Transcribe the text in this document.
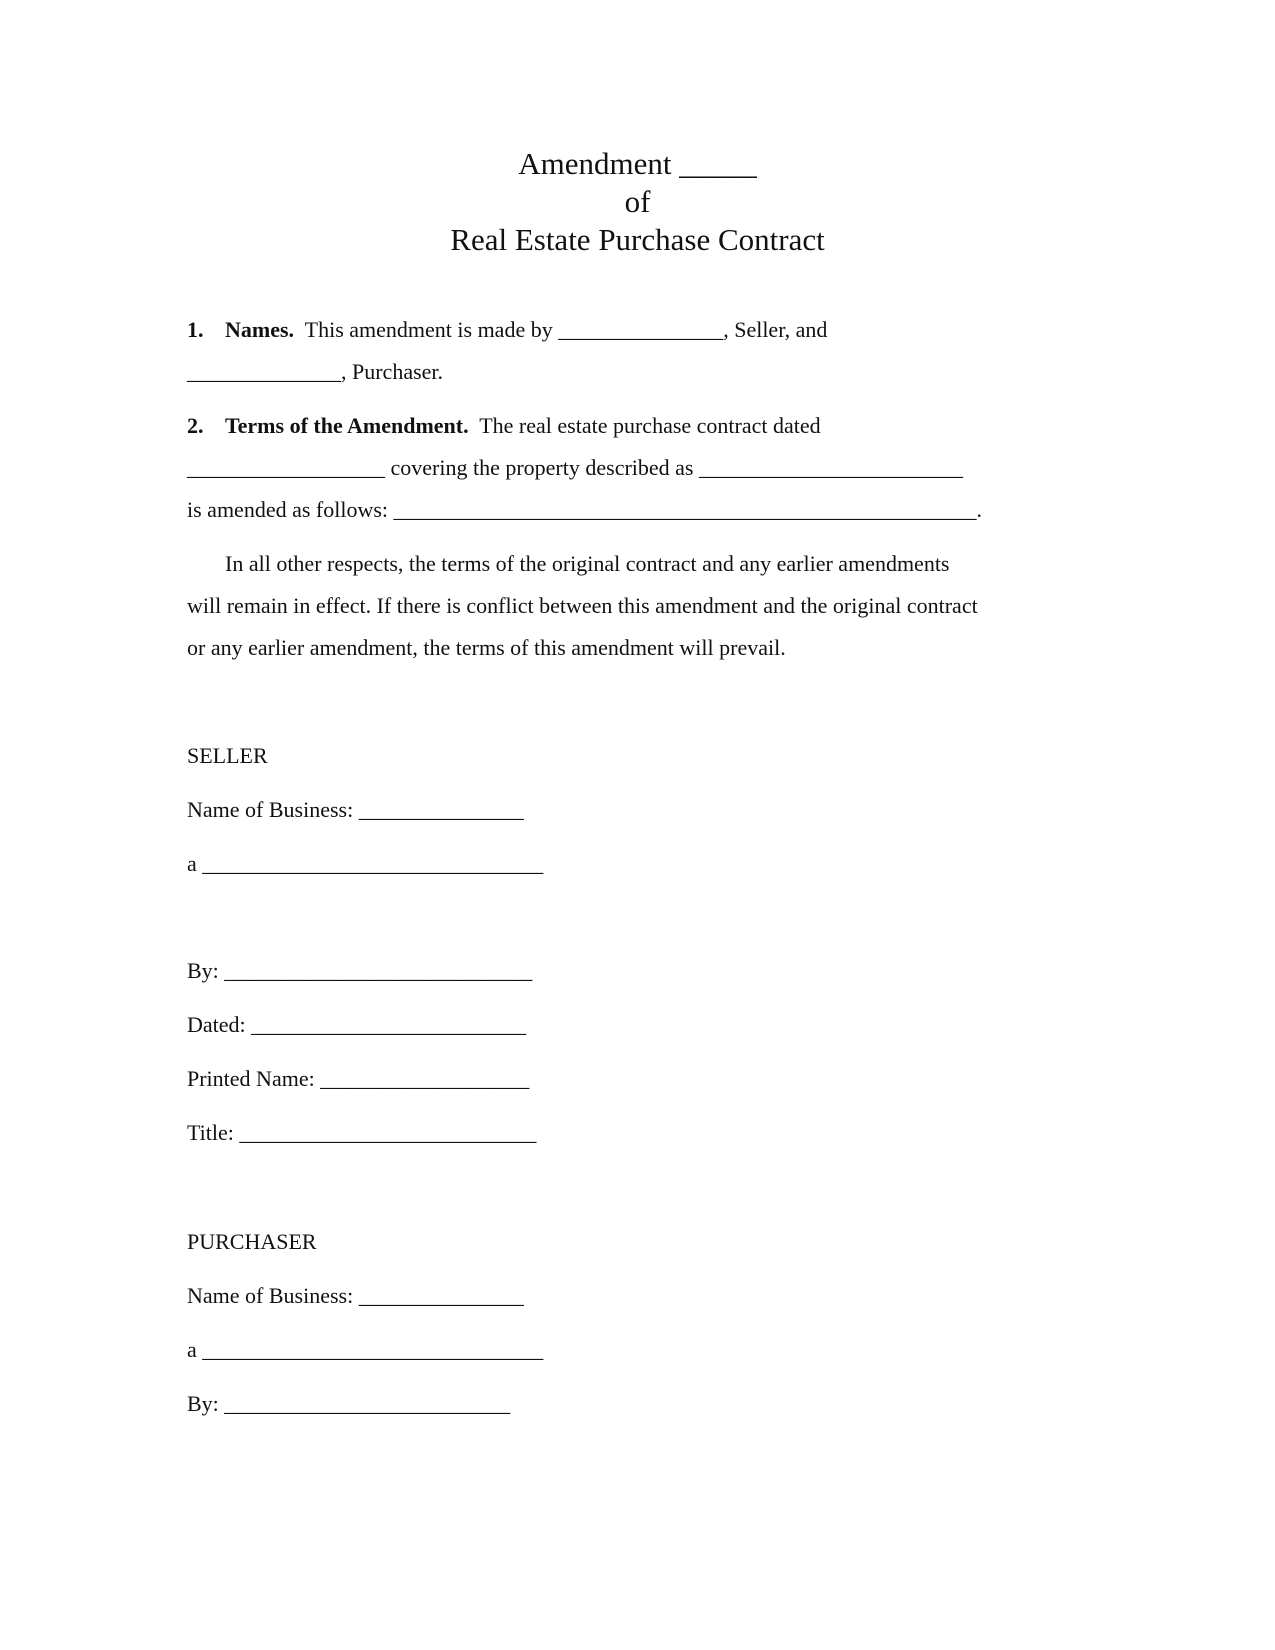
Amendment _____
of
Real Estate Purchase Contract
1. Names.  This amendment is made by _______________, Seller, and
______________, Purchaser.
2. Terms of the Amendment.  The real estate purchase contract dated
__________________ covering the property described as ________________________
is amended as follows: _____________________________________________________.
In all other respects, the terms of the original contract and any earlier amendments
will remain in effect. If there is conflict between this amendment and the original contract
or any earlier amendment, the terms of this amendment will prevail.
SELLER
Name of Business: _______________
a _______________________________
By: ____________________________
Dated: _________________________
Printed Name: ___________________
Title: ___________________________
PURCHASER
Name of Business: _______________
a _______________________________
By: __________________________
